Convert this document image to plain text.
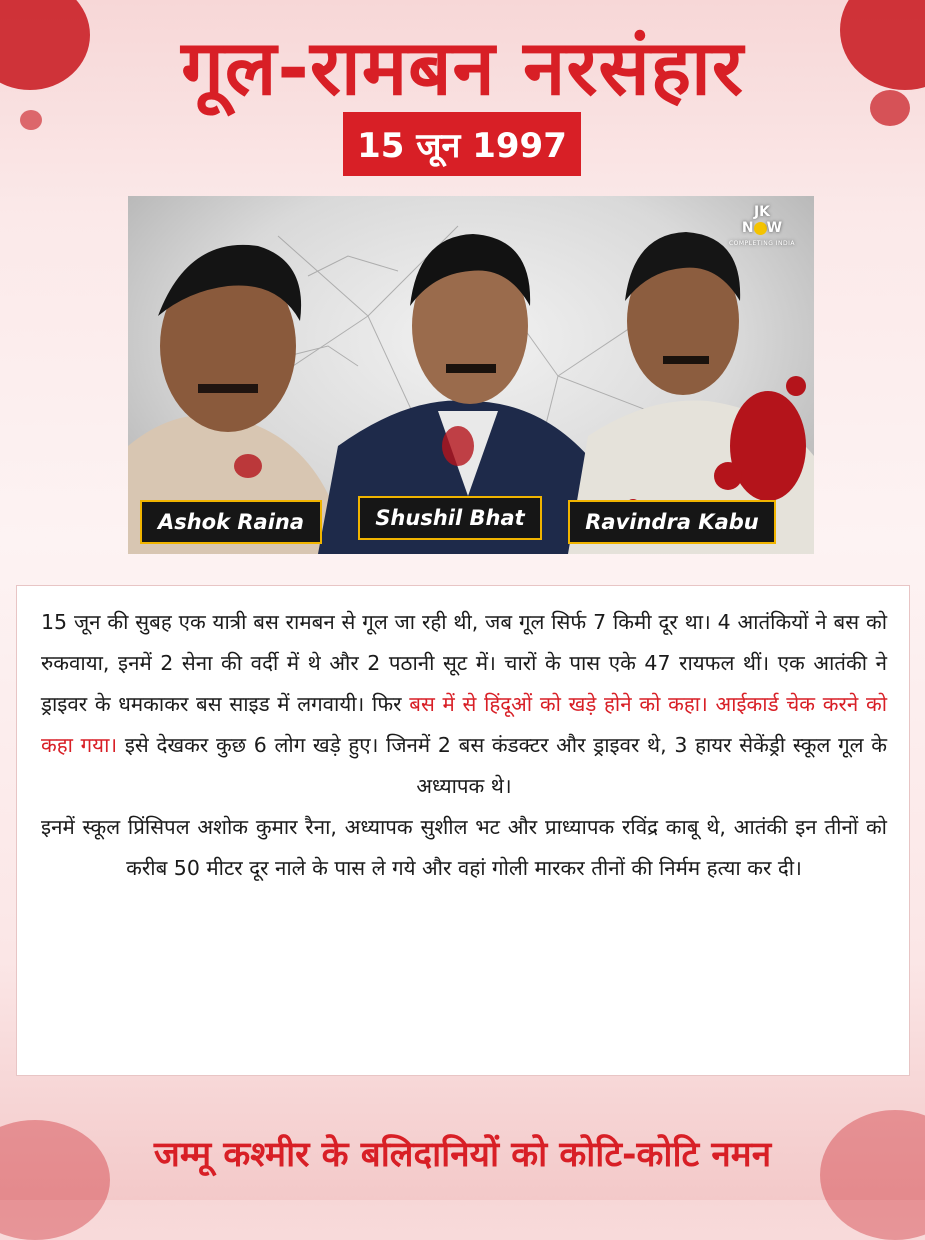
गूल-रामबन नरसंहार
15 जून 1997
JK
N W
COMPLETING INDIA
Ashok Raina	Shushil Bhat	Ravindra Kabu

15 जून की सुबह एक यात्री बस रामबन से गूल जा रही थी, जब गूल सिर्फ 7 किमी दूर था। 4 आतंकियों ने बस को रुकवाया, इनमें 2 सेना की वर्दी में थे और 2 पठानी सूट में। चारों के पास एके 47 रायफल थीं। एक आतंकी ने ड्राइवर के धमकाकर बस साइड में लगवायी। फिर बस में से हिंदूओं को खड़े होने को कहा। आईकार्ड चेक करने को कहा गया। इसे देखकर कुछ 6 लोग खड़े हुए। जिनमें 2 बस कंडक्टर और ड्राइवर थे, 3 हायर सेकेंड्री स्कूल गूल के अध्यापक थे।

इनमें स्कूल प्रिंसिपल अशोक कुमार रैना, अध्यापक सुशील भट और प्राध्यापक रविंद्र काबू थे, आतंकी इन तीनों को करीब 50 मीटर दूर नाले के पास ले गये और वहां गोली मारकर तीनों की निर्मम हत्या कर दी।

जम्मू कश्मीर के बलिदानियों को कोटि-कोटि नमन
